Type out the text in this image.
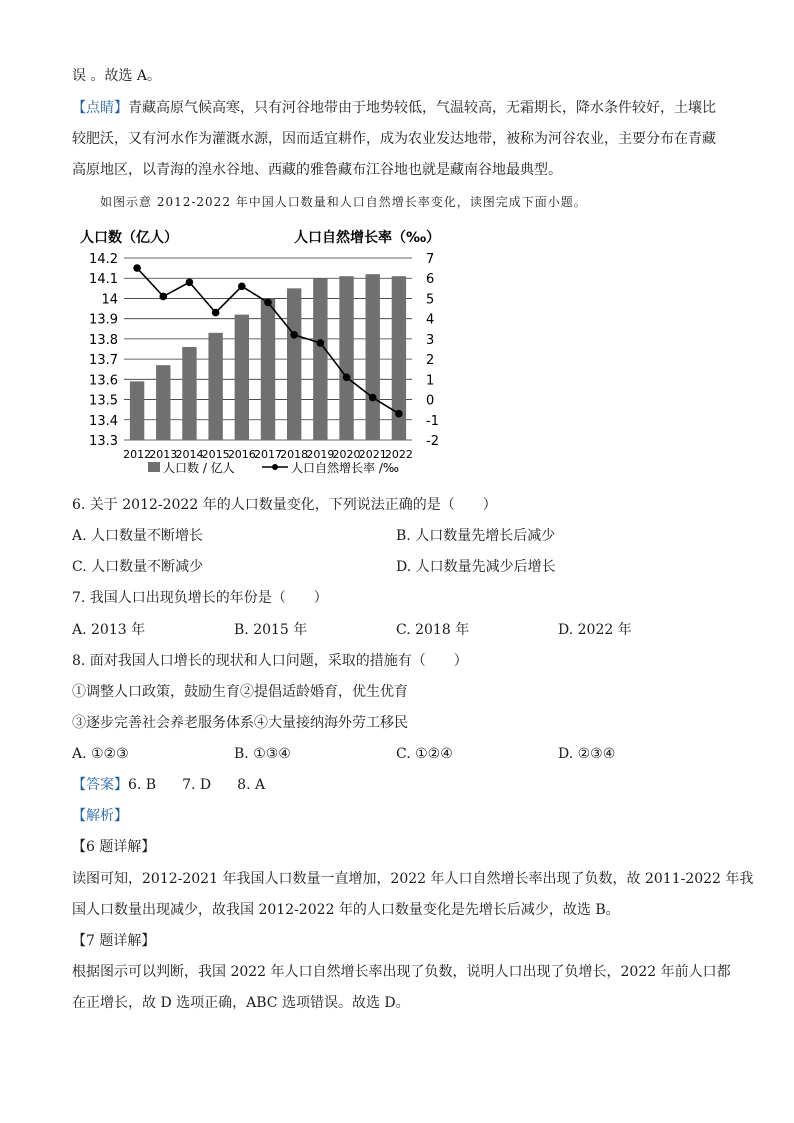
误 。故选 A。
【点睛】青藏高原气候高寒，只有河谷地带由于地势较低，气温较高，无霜期长，降水条件较好，土壤比
较肥沃，又有河水作为灌溉水源，因而适宜耕作，成为农业发达地带，被称为河谷农业，主要分布在青藏
高原地区，以青海的湟水谷地、西藏的雅鲁藏布江谷地也就是藏南谷地最典型。
如图示意 2012-2022 年中国人口数量和人口自然增长率变化，读图完成下面小题。
人口数（亿人）	人口自然增长率（‰）
14.2
14.1
14
13.9
13.8
13.7
13.6
13.5
13.4
13.3
7
6
5
4
3
2
1
0
-1
-2
2012
2013
2014
2015
2016
2017
2018
2019
2020
2021
2022
人口数 / 亿人	人口自然增长率 /‰
6. 关于 2012-2022 年的人口数量变化，下列说法正确的是（　　）
A. 人口数量不断增长	B. 人口数量先增长后减少
C. 人口数量不断减少	D. 人口数量先减少后增长
7. 我国人口出现负增长的年份是（　　）
A. 2013 年	B. 2015 年	C. 2018 年	D. 2022 年
8. 面对我国人口增长的现状和人口问题，采取的措施有（　　）
①调整人口政策，鼓励生育②提倡适龄婚育，优生优育
③逐步完善社会养老服务体系④大量接纳海外劳工移民
A. ①②③	B. ①③④	C. ①②④	D. ②③④
【答案】6. B 7. D 8. A
【解析】
【6 题详解】
读图可知，2012-2021 年我国人口数量一直增加，2022 年人口自然增长率出现了负数，故 2011-2022 年我
国人口数量出现减少，故我国 2012-2022 年的人口数量变化是先增长后减少，故选 B。
【7 题详解】
根据图示可以判断，我国 2022 年人口自然增长率出现了负数，说明人口出现了负增长，2022 年前人口都
在正增长，故 D 选项正确，ABC 选项错误。故选 D。
